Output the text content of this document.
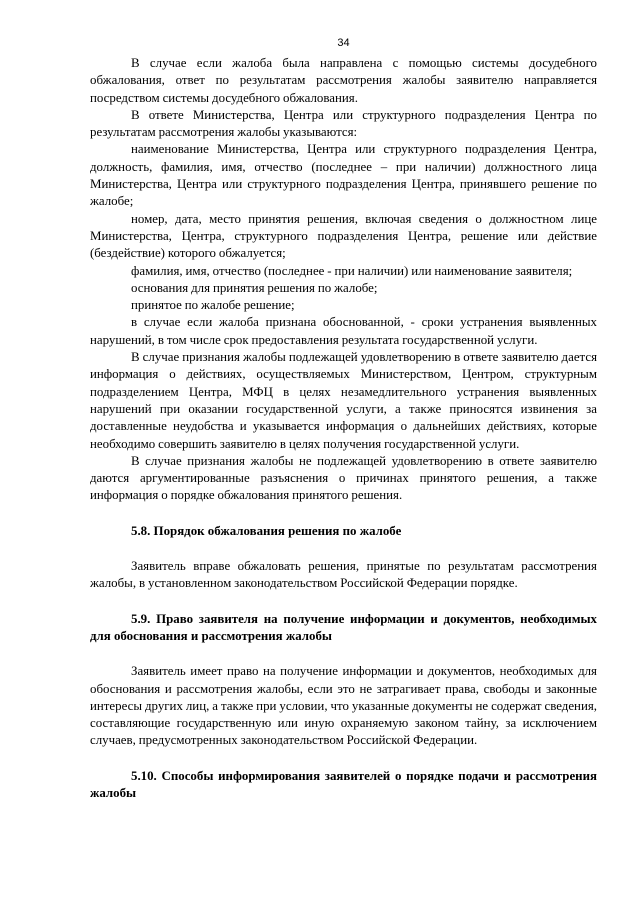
34

В случае если жалоба была направлена с помощью системы досудебного обжалования, ответ по результатам рассмотрения жалобы заявителю направляется посредством системы досудебного обжалования.

В ответе Министерства, Центра или структурного подразделения Центра по результатам рассмотрения жалобы указываются:

наименование Министерства, Центра или структурного подразделения Центра, должность, фамилия, имя, отчество (последнее – при наличии) должностного лица Министерства, Центра или структурного подразделения Центра, принявшего решение по жалобе;

номер, дата, место принятия решения, включая сведения о должностном лице Министерства, Центра, структурного подразделения Центра, решение или действие (бездействие) которого обжалуется;

фамилия, имя, отчество (последнее - при наличии) или наименование заявителя;

основания для принятия решения по жалобе;

принятое по жалобе решение;

в случае если жалоба признана обоснованной, - сроки устранения выявленных нарушений, в том числе срок предоставления результата государственной услуги.

В случае признания жалобы подлежащей удовлетворению в ответе заявителю дается информация о действиях, осуществляемых Министерством, Центром, структурным подразделением Центра, МФЦ в целях незамедлительного устранения выявленных нарушений при оказании государственной услуги, а также приносятся извинения за доставленные неудобства и указывается информация о дальнейших действиях, которые необходимо совершить заявителю в целях получения государственной услуги.

В случае признания жалобы не подлежащей удовлетворению в ответе заявителю даются аргументированные разъяснения о причинах принятого решения, а также информация о порядке обжалования принятого решения.

5.8. Порядок обжалования решения по жалобе

Заявитель вправе обжаловать решения, принятые по результатам рассмотрения жалобы, в установленном законодательством Российской Федерации порядке.

5.9. Право заявителя на получение информации и документов, необходимых для обоснования и рассмотрения жалобы

Заявитель имеет право на получение информации и документов, необходимых для обоснования и рассмотрения жалобы, если это не затрагивает права, свободы и законные интересы других лиц, а также при условии, что указанные документы не содержат сведения, составляющие государственную или иную охраняемую законом тайну, за исключением случаев, предусмотренных законодательством Российской Федерации.

5.10. Способы информирования заявителей о порядке подачи и рассмотрения жалобы
